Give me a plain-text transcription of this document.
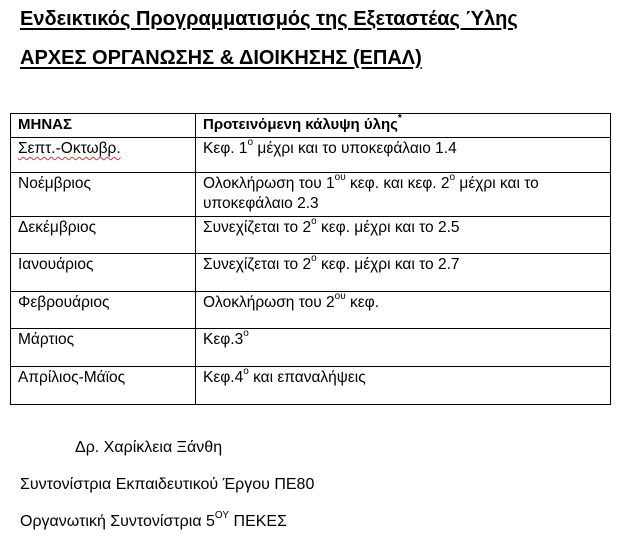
Ενδεικτικός Προγραμματισμός της Εξεταστέας Ύλης

ΑΡΧΕΣ ΟΡΓΑΝΩΣΗΣ & ΔΙΟΙΚΗΣΗΣ (ΕΠΑΛ)

ΜΗΝΑΣ	Προτεινόμενη κάλυψη ύλης*
Σεπτ.-Οκτωβρ.	Κεφ. $1^o$ μέχρι και το υποκεφάλαιο 1.4
Νοέμβριος	Ολοκλήρωση του $1^{o\upsilon}$ κεφ. και κεφ. $2^o$ μέχρι και το υποκεφάλαιο 2.3
Δεκέμβριος	Συνεχίζεται το $2^o$ κεφ. μέχρι και το 2.5
Ιανουάριος	Συνεχίζεται το $2^o$ κεφ. μέχρι και το 2.7
Φεβρουάριος	Ολοκλήρωση του $2^{o\upsilon}$ κεφ.
Μάρτιος	$K\varepsilon\varphi.3^o$
Απρίλιος-Μάϊος	$K\varepsilon\varphi.4^o$ και επαναλήψεις

Δρ. Χαρίκλεια Ξάνθη

Συντονίστρια Εκπαιδευτικού Έργου ΠΕ80

Οργανωτική Συντονίστρια $5^{O\Upsilon}$ ΠΕΚΕΣ
